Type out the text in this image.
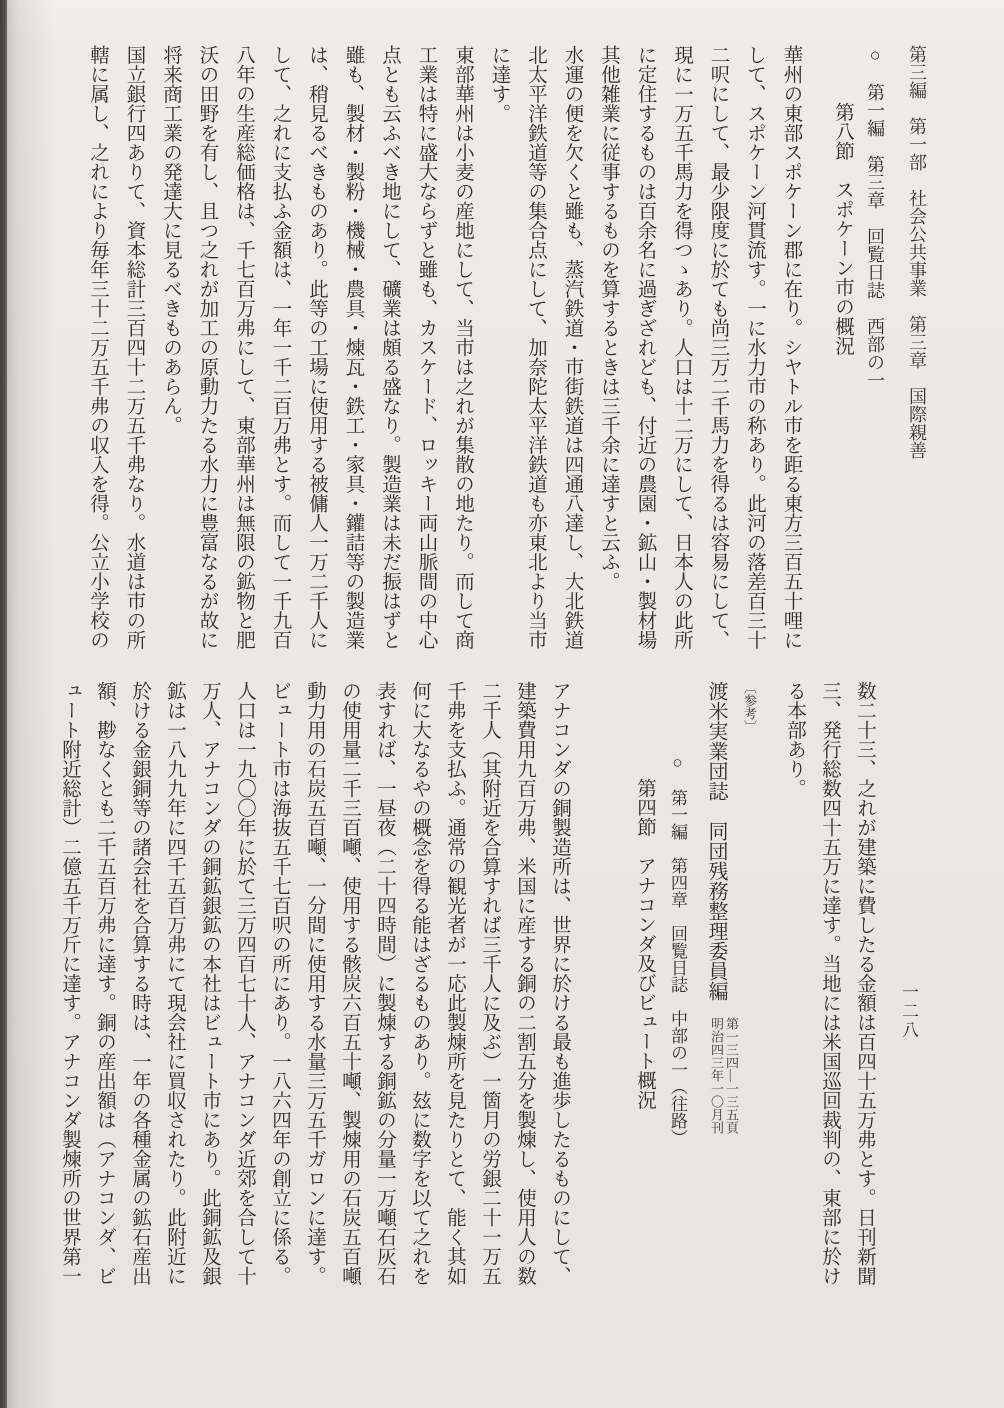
第三編　第一部　社会公共事業　第三章　国際親善

○　第一編　第三章　回覧日誌　西部の一

第八節　スポケーン市の概況

華州の東部スポケーン郡に在り。シヤトル市を距る東方三百五十哩にして、スポケーン河貫流す。一に水力市の称あり。此河の落差百三十二呎にして、最少限度に於ても尚三万二千馬力を得るは容易にして、現に一万五千馬力を得つゝあり。人口は十二万にして、日本人の此所に定住するものは百余名に過ぎざれども、付近の農園・鉱山・製材場其他雑業に従事するものを算するときは三千余に達すと云ふ。

水運の便を欠くと雖も、蒸汽鉄道・市街鉄道は四通八達し、大北鉄道北太平洋鉄道等の集合点にして、加奈陀太平洋鉄道も亦東北より当市に達す。

東部華州は小麦の産地にして、当市は之れが集散の地たり。而して商工業は特に盛大ならずと雖も、カスケード、ロッキー両山脈間の中心点とも云ふべき地にして、礦業は頗る盛なり。製造業は未だ振はずと雖も、製材・製粉・機械・農具・煉瓦・鉄工・家具・鑵詰等の製造業は、稍見るべきものあり。此等の工場に使用する被傭人一万二千人にして、之れに支払ふ金額は、一年一千二百万弗とす。而して一千九百八年の生産総価格は、千七百万弗にして、東部華州は無限の鉱物と肥沃の田野を有し、且つ之れが加工の原動力たる水力に豊富なるが故に将来商工業の発達大に見るべきものあらん。

国立銀行四ありて、資本総計三百四十二万五千弗なり。水道は市の所轄に属し、之れにより毎年三十二万五千弗の収入を得。公立小学校の

数二十三、之れが建築に費したる金額は百四十五万弗とす。日刊新聞三、発行総数四十五万に達す。当地には米国巡回裁判の、東部に於ける本部あり。

〔参考〕

渡米実業団誌　同団残務整理委員編
第一三四―一三五頁
明治四三年一〇月刊

○　第一編　第四章　回覧日誌　中部の一（往路）

第四節　アナコンダ及びビュート概況

アナコンダの銅製造所は、世界に於ける最も進歩したるものにして、建築費用九百万弗、米国に産する銅の二割五分を製煉し、使用人の数二千人（其附近を合算すれば三千人に及ぶ）一箇月の労銀二十一万五千弗を支払ふ。通常の観光者が一応此製煉所を見たりとて、能く其如何に大なるやの概念を得る能はざるものあり。玆に数字を以て之れを表すれば、一昼夜（二十四時間）に製煉する銅鉱の分量一万噸石灰石の使用量二千三百噸、使用する骸炭六百五十噸、製煉用の石炭五百噸動力用の石炭五百噸、一分間に使用する水量三万五千ガロンに達す。

ビュート市は海抜五千七百呎の所にあり。一八六四年の創立に係る。人口は一九〇〇年に於て三万四百七十人、アナコンダ近郊を合して十万人、アナコンダの銅鉱銀鉱の本社はビュート市にあり。此銅鉱及銀鉱は一八九九年に四千五百万弗にて現会社に買収されたり。此附近に於ける金銀銅等の諸会社を合算する時は、一年の各種金属の鉱石産出額、尠なくとも二千五百万弗に達す。銅の産出額は（アナコンダ、ビュート附近総計）二億五千万斤に達す。アナコンダ製煉所の世界第一	一二八
